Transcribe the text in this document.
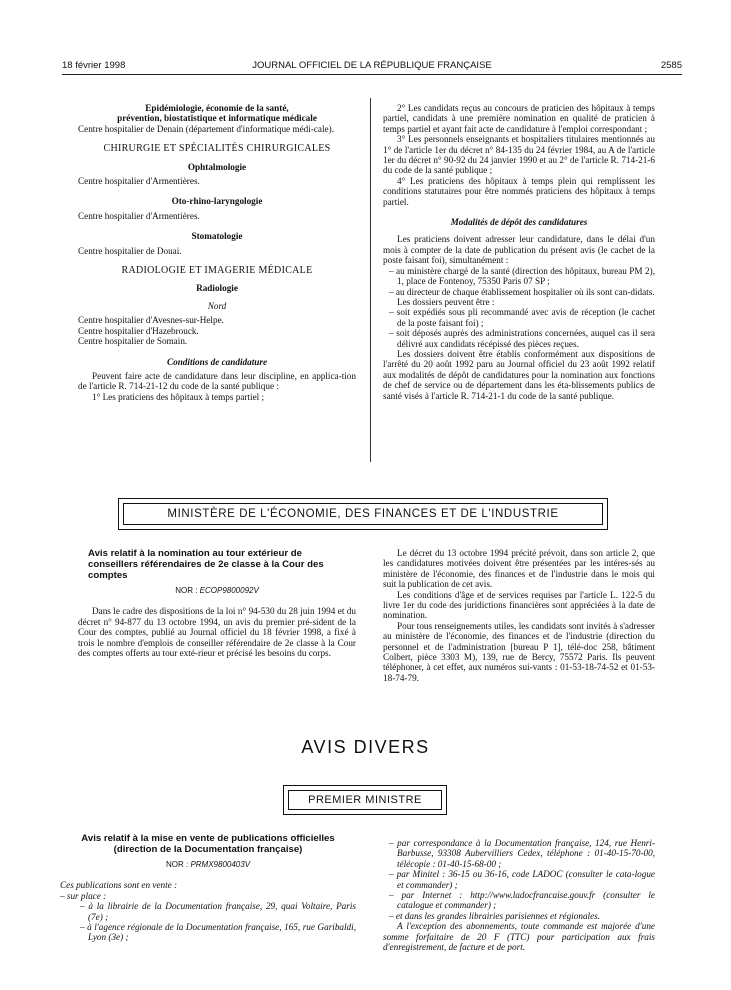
18 février 1998	JOURNAL OFFICIEL DE LA RÉPUBLIQUE FRANÇAISE	2585

Epidémiologie, économie de la santé,

prévention, biostatistique et informatique médicale

Centre hospitalier de Denain (département d'informatique médi-cale).

CHIRURGIE ET SPÉCIALITÉS CHIRURGICALES

Ophtalmologie

Centre hospitalier d'Armentières.

Oto-rhino-laryngologie

Centre hospitalier d'Armentières.

Stomatologie

Centre hospitalier de Douai.

RADIOLOGIE ET IMAGERIE MÉDICALE

Radiologie

Nord

Centre hospitalier d'Avesnes-sur-Helpe.

Centre hospitalier d'Hazebrouck.

Centre hospitalier de Somain.

Conditions de candidature

Peuvent faire acte de candidature dans leur discipline, en applica-tion de l'article R. 714-21-12 du code de la santé publique :

1° Les praticiens des hôpitaux à temps partiel ;

2° Les candidats reçus au concours de praticien des hôpitaux à temps partiel, candidats à une première nomination en qualité de praticien à temps partiel et ayant fait acte de candidature à l'emploi correspondant ;

3° Les personnels enseignants et hospitaliers titulaires mentionnés au 1° de l'article 1er du décret n° 84-135 du 24 février 1984, au A de l'article 1er du décret n° 90-92 du 24 janvier 1990 et au 2° de l'article R. 714-21-6 du code de la santé publique ;

4° Les praticiens des hôpitaux à temps plein qui remplissent les conditions statutaires pour être nommés praticiens des hôpitaux à temps partiel.

Modalités de dépôt des candidatures

Les praticiens doivent adresser leur candidature, dans le délai d'un mois à compter de la date de publication du présent avis (le cachet de la poste faisant foi), simultanément :

– au ministère chargé de la santé (direction des hôpitaux, bureau PM 2), 1, place de Fontenoy, 75350 Paris 07 SP ;

– au directeur de chaque établissement hospitalier où ils sont can-didats.

Les dossiers peuvent être :

– soit expédiés sous pli recommandé avec avis de réception (le cachet de la poste faisant foi) ;

– soit déposés auprès des administrations concernées, auquel cas il sera délivré aux candidats récépissé des pièces reçues.

Les dossiers doivent être établis conformément aux dispositions de l'arrêté du 20 août 1992 paru au Journal officiel du 23 août 1992 relatif aux modalités de dépôt de candidatures pour la nomination aux fonctions de chef de service ou de département dans les éta-blissements publics de santé visés à l'article R. 714-21-1 du code de la santé publique.

MINISTÈRE DE L'ÉCONOMIE, DES FINANCES ET DE L'INDUSTRIE

Avis relatif à la nomination au tour extérieur de conseillers référendaires de 2e classe à la Cour des comptes

NOR : ECOP9800092V

Dans le cadre des dispositions de la loi n° 94-530 du 28 juin 1994 et du décret n° 94-877 du 13 octobre 1994, un avis du premier pré-sident de la Cour des comptes, publié au Journal officiel du 18 février 1998, a fixé à trois le nombre d'emplois de conseiller référendaire de 2e classe à la Cour des comptes offerts au tour exté-rieur et précisé les besoins du corps.

Le décret du 13 octobre 1994 précité prévoit, dans son article 2, que les candidatures motivées doivent être présentées par les intéres-sés au ministère de l'économie, des finances et de l'industrie dans le mois qui suit la publication de cet avis.

Les conditions d'âge et de services requises par l'article L. 122-5 du livre 1er du code des juridictions financières sont appréciées à la date de nomination.

Pour tous renseignements utiles, les candidats sont invités à s'adresser au ministère de l'économie, des finances et de l'industrie (direction du personnel et de l'administration [bureau P 1], télé-doc 258, bâtiment Colbert, pièce 3303 M), 139, rue de Bercy, 75572 Paris. Ils peuvent téléphoner, à cet effet, aux numéros sui-vants : 01-53-18-74-52 et 01-53-18-74-79.

AVIS DIVERS
PREMIER MINISTRE

Avis relatif à la mise en vente de publications officielles (direction de la Documentation française)

NOR : PRMX9800403V

Ces publications sont en vente :

– sur place :

– à la librairie de la Documentation française, 29, quai Voltaire, Paris (7e) ;

– à l'agence régionale de la Documentation française, 165, rue Garibaldi, Lyon (3e) ;

– par correspondance à la Documentation française, 124, rue Henri-Barbusse, 93308 Aubervilliers Cedex, téléphone : 01-40-15-70-00, télécopie : 01-40-15-68-00 ;

– par Minitel : 36-15 ou 36-16, code LADOC (consulter le cata-logue et commander) ;

– par Internet : http://www.ladocfrancaise.gouv.fr (consulter le catalogue et commander) ;

– et dans les grandes librairies parisiennes et régionales.

A l'exception des abonnements, toute commande est majorée d'une somme forfaitaire de 20 F (TTC) pour participation aux frais d'enregistrement, de facture et de port.
